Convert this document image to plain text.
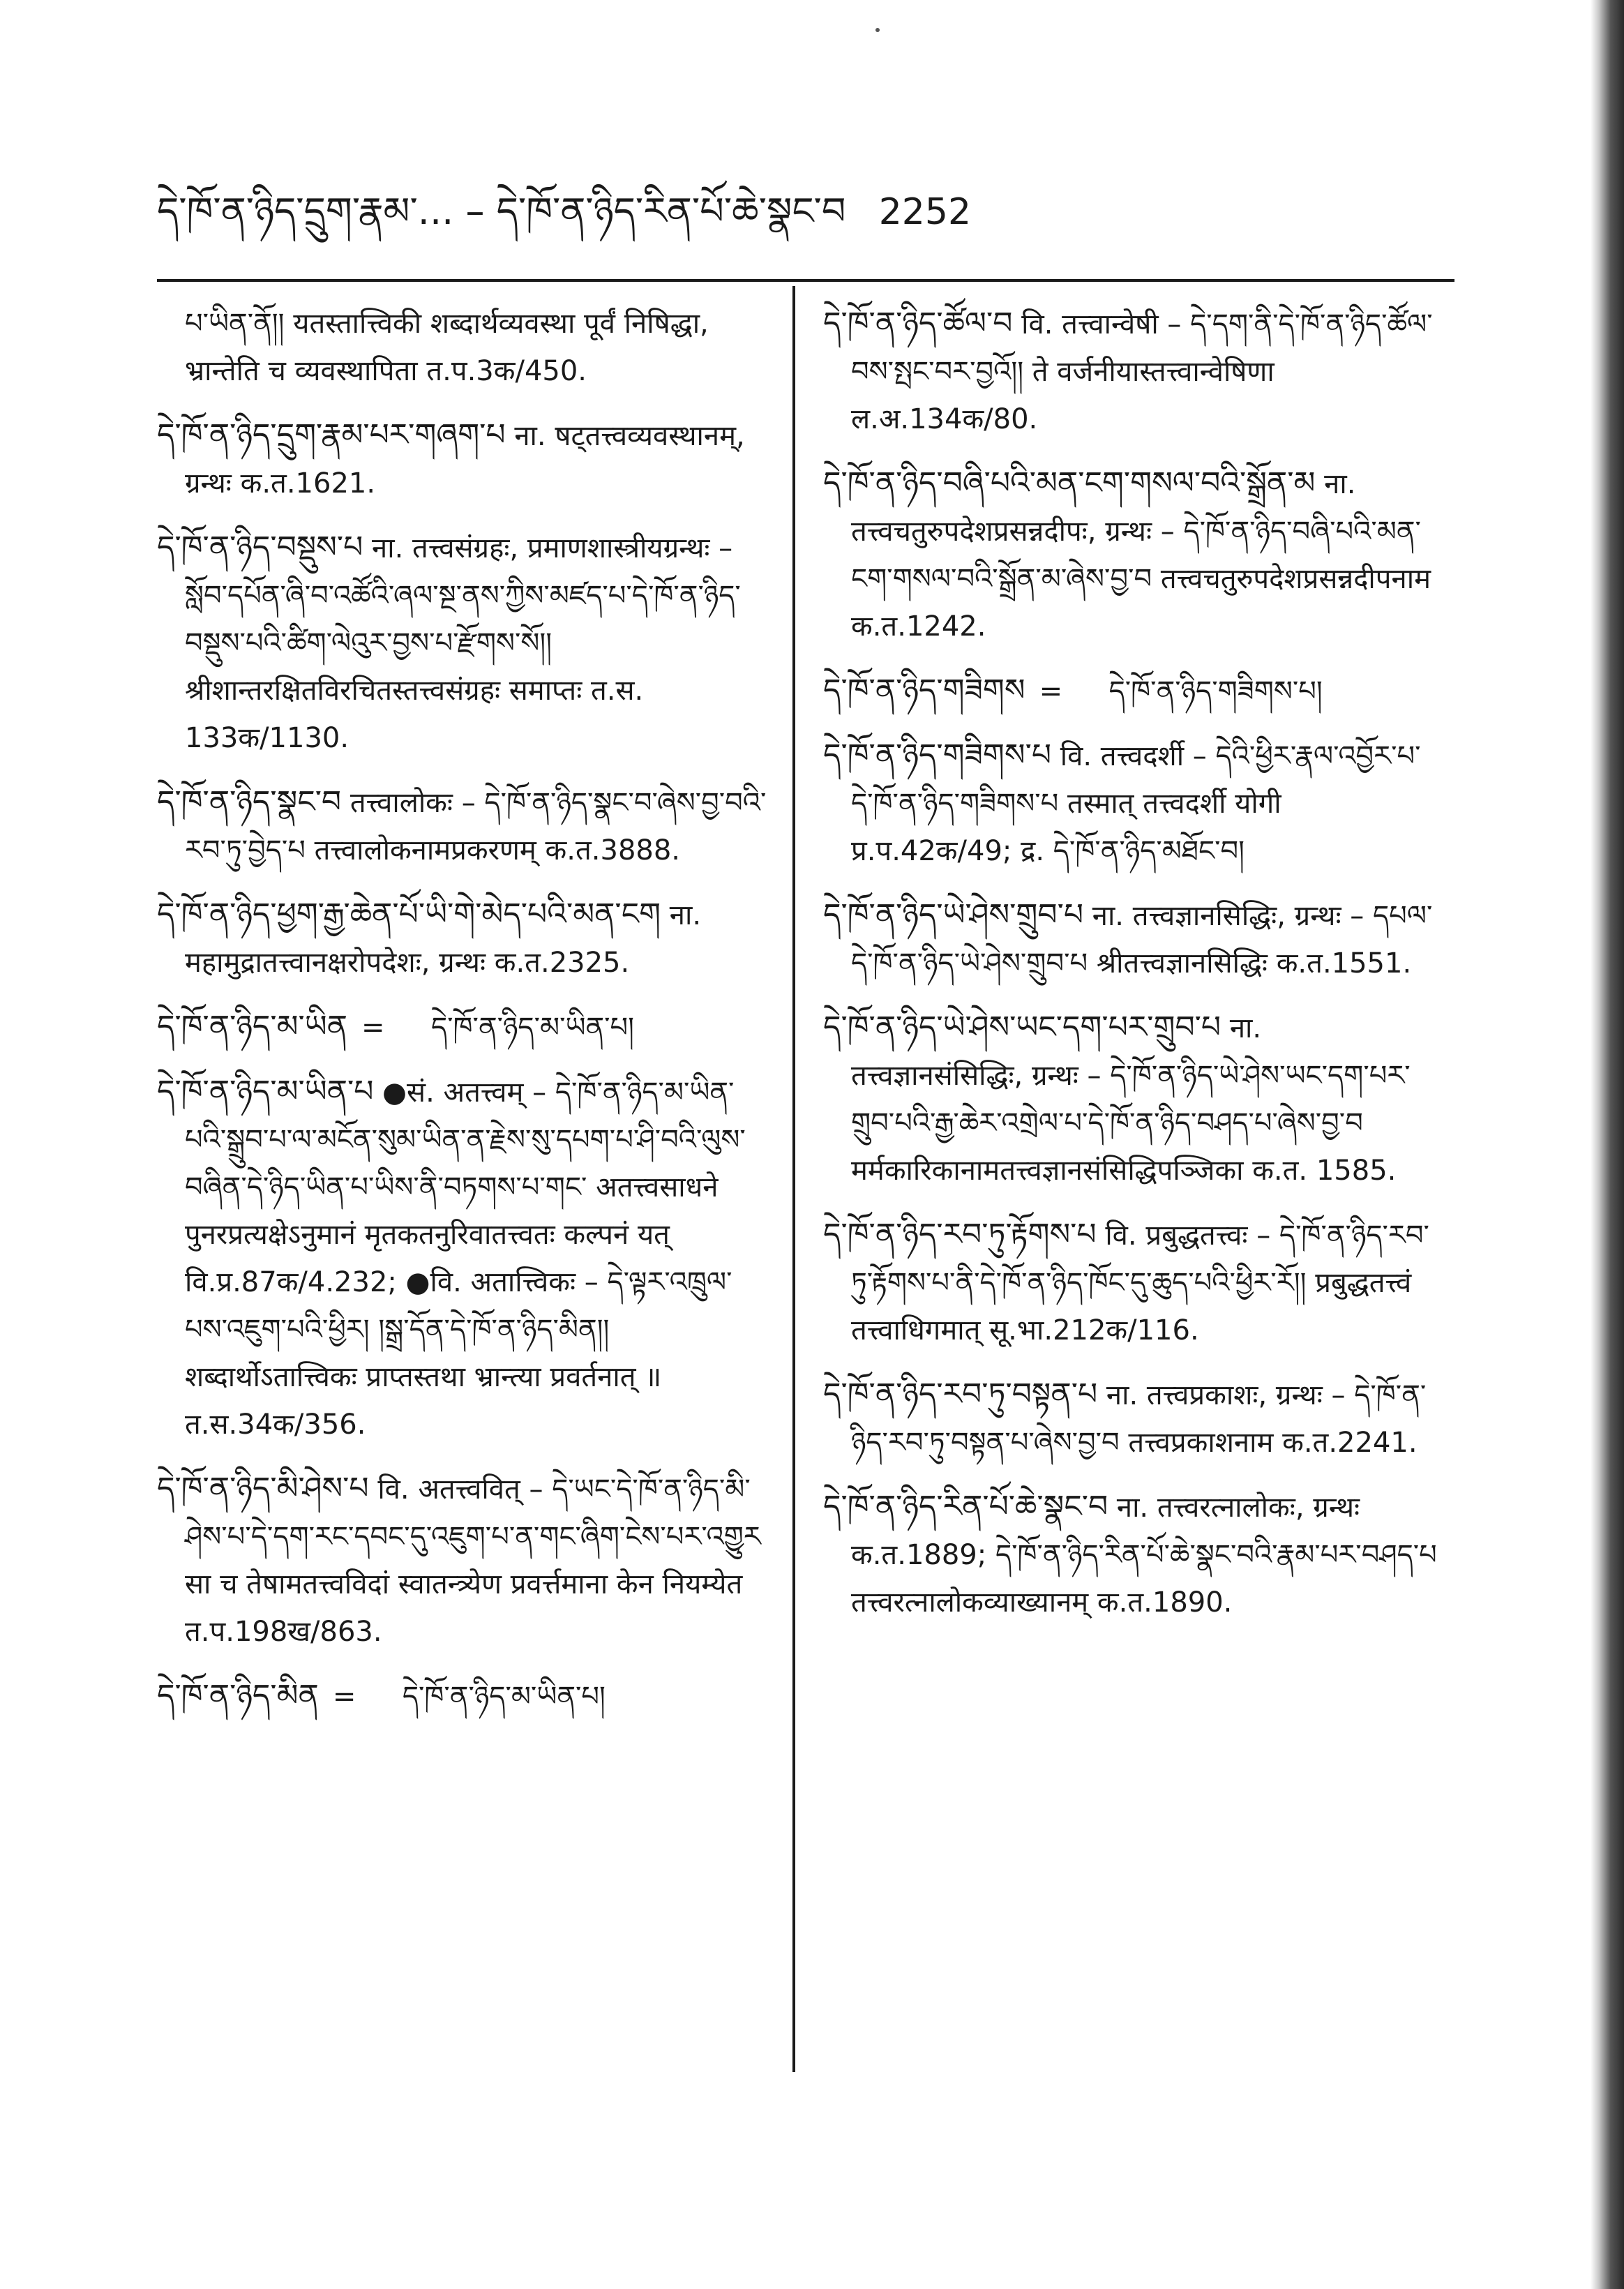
དེ་ཁོ་ན་ཉིད་དྲུག་རྣམ་... – དེ་ཁོ་ན་ཉིད་རིན་པོ་ཆེ་སྣང་བ 2252
པ་ཡིན་ནོ།། यतस्तात्त्विकी शब्दार्थव्यवस्था पूर्वं निषिद्धा, भ्रान्तेति च व्यवस्थापिता त.प.3क/450.
དེ་ཁོ་ན་ཉིད་དྲུག་རྣམ་པར་གཞག་པ ना. षट्तत्त्वव्यवस्थानम्, ग्रन्थः क.त.1621.
དེ་ཁོ་ན་ཉིད་བསྡུས་པ ना. तत्त्वसंग्रहः, प्रमाणशास्त्रीयग्रन्थः – སློབ་དཔོན་ཞི་བ་འཚོའི་ཞལ་སྔ་ནས་ཀྱིས་མཛད་པ་དེ་ཁོ་ན་ཉིད་བསྡུས་པའི་ཚིག་ལེའུར་བྱས་པ་རྫོགས་སོ།། श्रीशान्तरक्षितविरचितस्तत्त्वसंग्रहः समाप्तः त.स. 133क/1130.
དེ་ཁོ་ན་ཉིད་སྣང་བ तत्त्वालोकः – དེ་ཁོ་ན་ཉིད་སྣང་བ་ཞེས་བྱ་བའི་རབ་ཏུ་བྱེད་པ तत्त्वालोकनामप्रकरणम् क.त.3888.
དེ་ཁོ་ན་ཉིད་ཕྱག་རྒྱ་ཆེན་པོ་ཡི་གེ་མེད་པའི་མན་ངག ना. महामुद्रातत्त्वानक्षरोपदेशः, ग्रन्थः क.त.2325.
དེ་ཁོ་ན་ཉིད་མ་ཡིན = དེ་ཁོ་ན་ཉིད་མ་ཡིན་པ།
དེ་ཁོ་ན་ཉིད་མ་ཡིན་པ ●सं. अतत्त्वम् – དེ་ཁོ་ན་ཉིད་མ་ཡིན་པའི་སྒྲུབ་པ་ལ་མངོན་སུམ་ཡིན་ན་རྗེས་སུ་དཔག་པ་ཤི་བའི་ལུས་བཞིན་དེ་ཉིད་ཡིན་པ་ཡིས་ནི་བཏགས་པ་གང་ अतत्त्वसाधने पुनरप्रत्यक्षेऽनुमानं मृतकतनुरिवातत्त्वतः कल्पनं यत् वि.प्र.87क/4.232; ●वि. अतात्त्विकः – དེ་ལྟར་འཁྲུལ་པས་འཇུག་པའི་ཕྱིར། །སྒྲ་དོན་དེ་ཁོ་ན་ཉིད་མིན།། शब्दार्थोऽतात्त्विकः प्राप्तस्तथा भ्रान्त्या प्रवर्तनात् ॥ त.स.34क/356.
དེ་ཁོ་ན་ཉིད་མི་ཤེས་པ वि. अतत्त्ववित् – དེ་ཡང་དེ་ཁོ་ན་ཉིད་མི་ཤེས་པ་དེ་དག་རང་དབང་དུ་འཇུག་པ་ན་གང་ཞིག་ངེས་པར་འགྱུར सा च तेषामतत्त्वविदां स्वातन्त्र्येण प्रवर्त्तमाना केन नियम्येत त.प.198ख/863.
དེ་ཁོ་ན་ཉིད་མིན = དེ་ཁོ་ན་ཉིད་མ་ཡིན་པ།
དེ་ཁོ་ན་ཉིད་ཚོལ་བ वि. तत्त्वान्वेषी – དེ་དག་ནི་དེ་ཁོ་ན་ཉིད་ཚོལ་བས་སྤང་བར་བྱའོ།། ते वर्जनीयास्तत्त्वान्वेषिणा ल.अ.134क/80.
དེ་ཁོ་ན་ཉིད་བཞི་པའི་མན་ངག་གསལ་བའི་སྒྲོན་མ ना. तत्त्वचतुरुपदेशप्रसन्नदीपः, ग्रन्थः – དེ་ཁོ་ན་ཉིད་བཞི་པའི་མན་ངག་གསལ་བའི་སྒྲོན་མ་ཞེས་བྱ་བ तत्त्वचतुरुपदेशप्रसन्नदीपनाम क.त.1242.
དེ་ཁོ་ན་ཉིད་གཟིགས = དེ་ཁོ་ན་ཉིད་གཟིགས་པ།
དེ་ཁོ་ན་ཉིད་གཟིགས་པ वि. तत्त्वदर्शी – དེའི་ཕྱིར་རྣལ་འབྱོར་པ་དེ་ཁོ་ན་ཉིད་གཟིགས་པ तस्मात् तत्त्वदर्शी योगी प्र.प.42क/49; द्र. དེ་ཁོ་ན་ཉིད་མཐོང་བ།
དེ་ཁོ་ན་ཉིད་ཡེ་ཤེས་གྲུབ་པ ना. तत्त्वज्ञानसिद्धिः, ग्रन्थः – དཔལ་དེ་ཁོ་ན་ཉིད་ཡེ་ཤེས་གྲུབ་པ श्रीतत्त्वज्ञानसिद्धिः क.त.1551.
དེ་ཁོ་ན་ཉིད་ཡེ་ཤེས་ཡང་དག་པར་གྲུབ་པ ना. तत्त्वज्ञानसंसिद्धिः, ग्रन्थः – དེ་ཁོ་ན་ཉིད་ཡེ་ཤེས་ཡང་དག་པར་གྲུབ་པའི་རྒྱ་ཆེར་འགྲེལ་པ་དེ་ཁོ་ན་ཉིད་བཤད་པ་ཞེས་བྱ་བ मर्मकारिकानामतत्त्वज्ञानसंसिद्धिपञ्जिका क.त. 1585.
དེ་ཁོ་ན་ཉིད་རབ་ཏུ་རྟོགས་པ वि. प्रबुद्धतत्त्वः – དེ་ཁོ་ན་ཉིད་རབ་ཏུ་རྟོགས་པ་ནི་དེ་ཁོ་ན་ཉིད་ཁོང་དུ་ཆུད་པའི་ཕྱིར་རོ།། प्रबुद्धतत्त्वं तत्त्वाधिगमात् सू.भा.212क/116.
དེ་ཁོ་ན་ཉིད་རབ་ཏུ་བསྟན་པ ना. तत्त्वप्रकाशः, ग्रन्थः – དེ་ཁོ་ན་ཉིད་རབ་ཏུ་བསྟན་པ་ཞེས་བྱ་བ तत्त्वप्रकाशनाम क.त.2241.
དེ་ཁོ་ན་ཉིད་རིན་པོ་ཆེ་སྣང་བ ना. तत्त्वरत्नालोकः, ग्रन्थः क.त.1889; དེ་ཁོ་ན་ཉིད་རིན་པོ་ཆེ་སྣང་བའི་རྣམ་པར་བཤད་པ तत्त्वरत्नालोकव्याख्यानम् क.त.1890.
